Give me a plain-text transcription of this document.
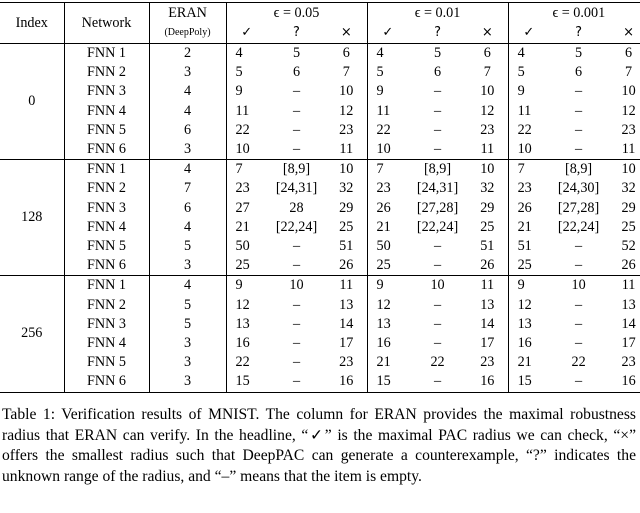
Index	Network	ERAN	ϵ = 0.05			ϵ = 0.01			ϵ = 0.001		
		(DeepPoly)	✓	?	×	✓	?	×	✓	?	×
0	FNN 1	2	4	5	6	4	5	6	4	5	6
	FNN 2	3	5	6	7	5	6	7	5	6	7
	FNN 3	4	9	–	10	9	–	10	9	–	10
	FNN 4	4	11	–	12	11	–	12	11	–	12
	FNN 5	6	22	–	23	22	–	23	22	–	23
	FNN 6	3	10	–	11	10	–	11	10	–	11
128	FNN 1	4	7	[8,9]	10	7	[8,9]	10	7	[8,9]	10
	FNN 2	7	23	[24,31]	32	23	[24,31]	32	23	[24,30]	32
	FNN 3	6	27	28	29	26	[27,28]	29	26	[27,28]	29
	FNN 4	4	21	[22,24]	25	21	[22,24]	25	21	[22,24]	25
	FNN 5	5	50	–	51	50	–	51	51	–	52
	FNN 6	3	25	–	26	25	–	26	25	–	26
256	FNN 1	4	9	10	11	9	10	11	9	10	11
	FNN 2	5	12	–	13	12	–	13	12	–	13
	FNN 3	5	13	–	14	13	–	14	13	–	14
	FNN 4	3	16	–	17	16	–	17	16	–	17
	FNN 5	3	22	–	23	21	22	23	21	22	23
	FNN 6	3	15	–	16	15	–	16	15	–	16
Table 1: Verification results of MNIST. The column for ERAN provides the maximal robustness radius that ERAN can verify. In the headline, “✓” is the maximal PAC radius we can check, “×” offers the smallest radius such that DeepPAC can generate a counterexample, “?” indicates the unknown range of the radius, and “–” means that the item is empty.
